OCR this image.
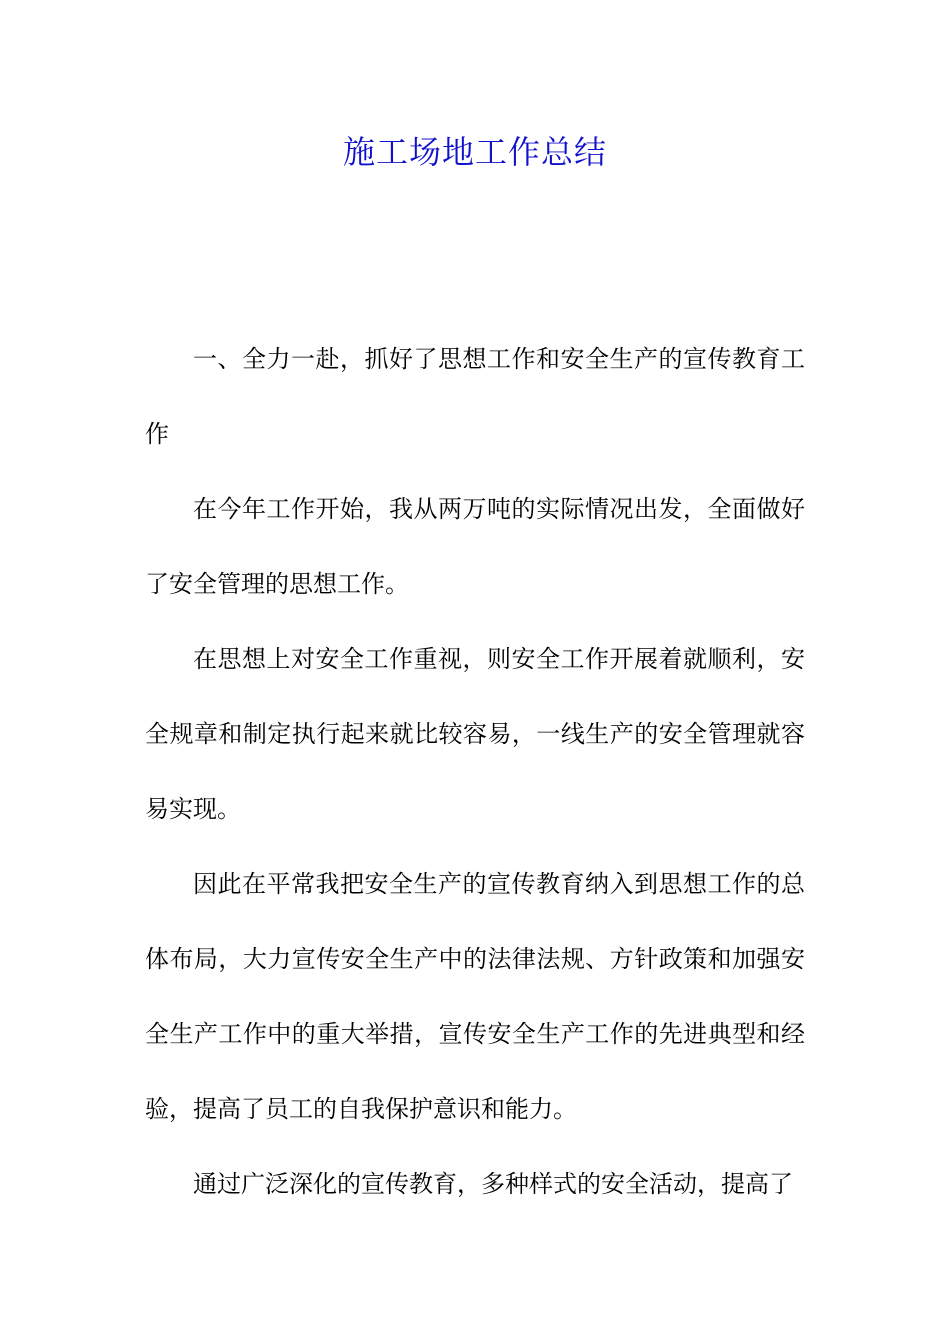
施工场地工作总结

一、全力一赴，抓好了思想工作和安全生产的宣传教育工作

在今年工作开始，我从两万吨的实际情况出发，全面做好了安全管理的思想工作。

在思想上对安全工作重视，则安全工作开展着就顺利，安全规章和制定执行起来就比较容易，一线生产的安全管理就容易实现。

因此在平常我把安全生产的宣传教育纳入到思想工作的总体布局，大力宣传安全生产中的法律法规、方针政策和加强安全生产工作中的重大举措，宣传安全生产工作的先进典型和经验，提高了员工的自我保护意识和能力。

通过广泛深化的宣传教育，多种样式的安全活动，提高了
